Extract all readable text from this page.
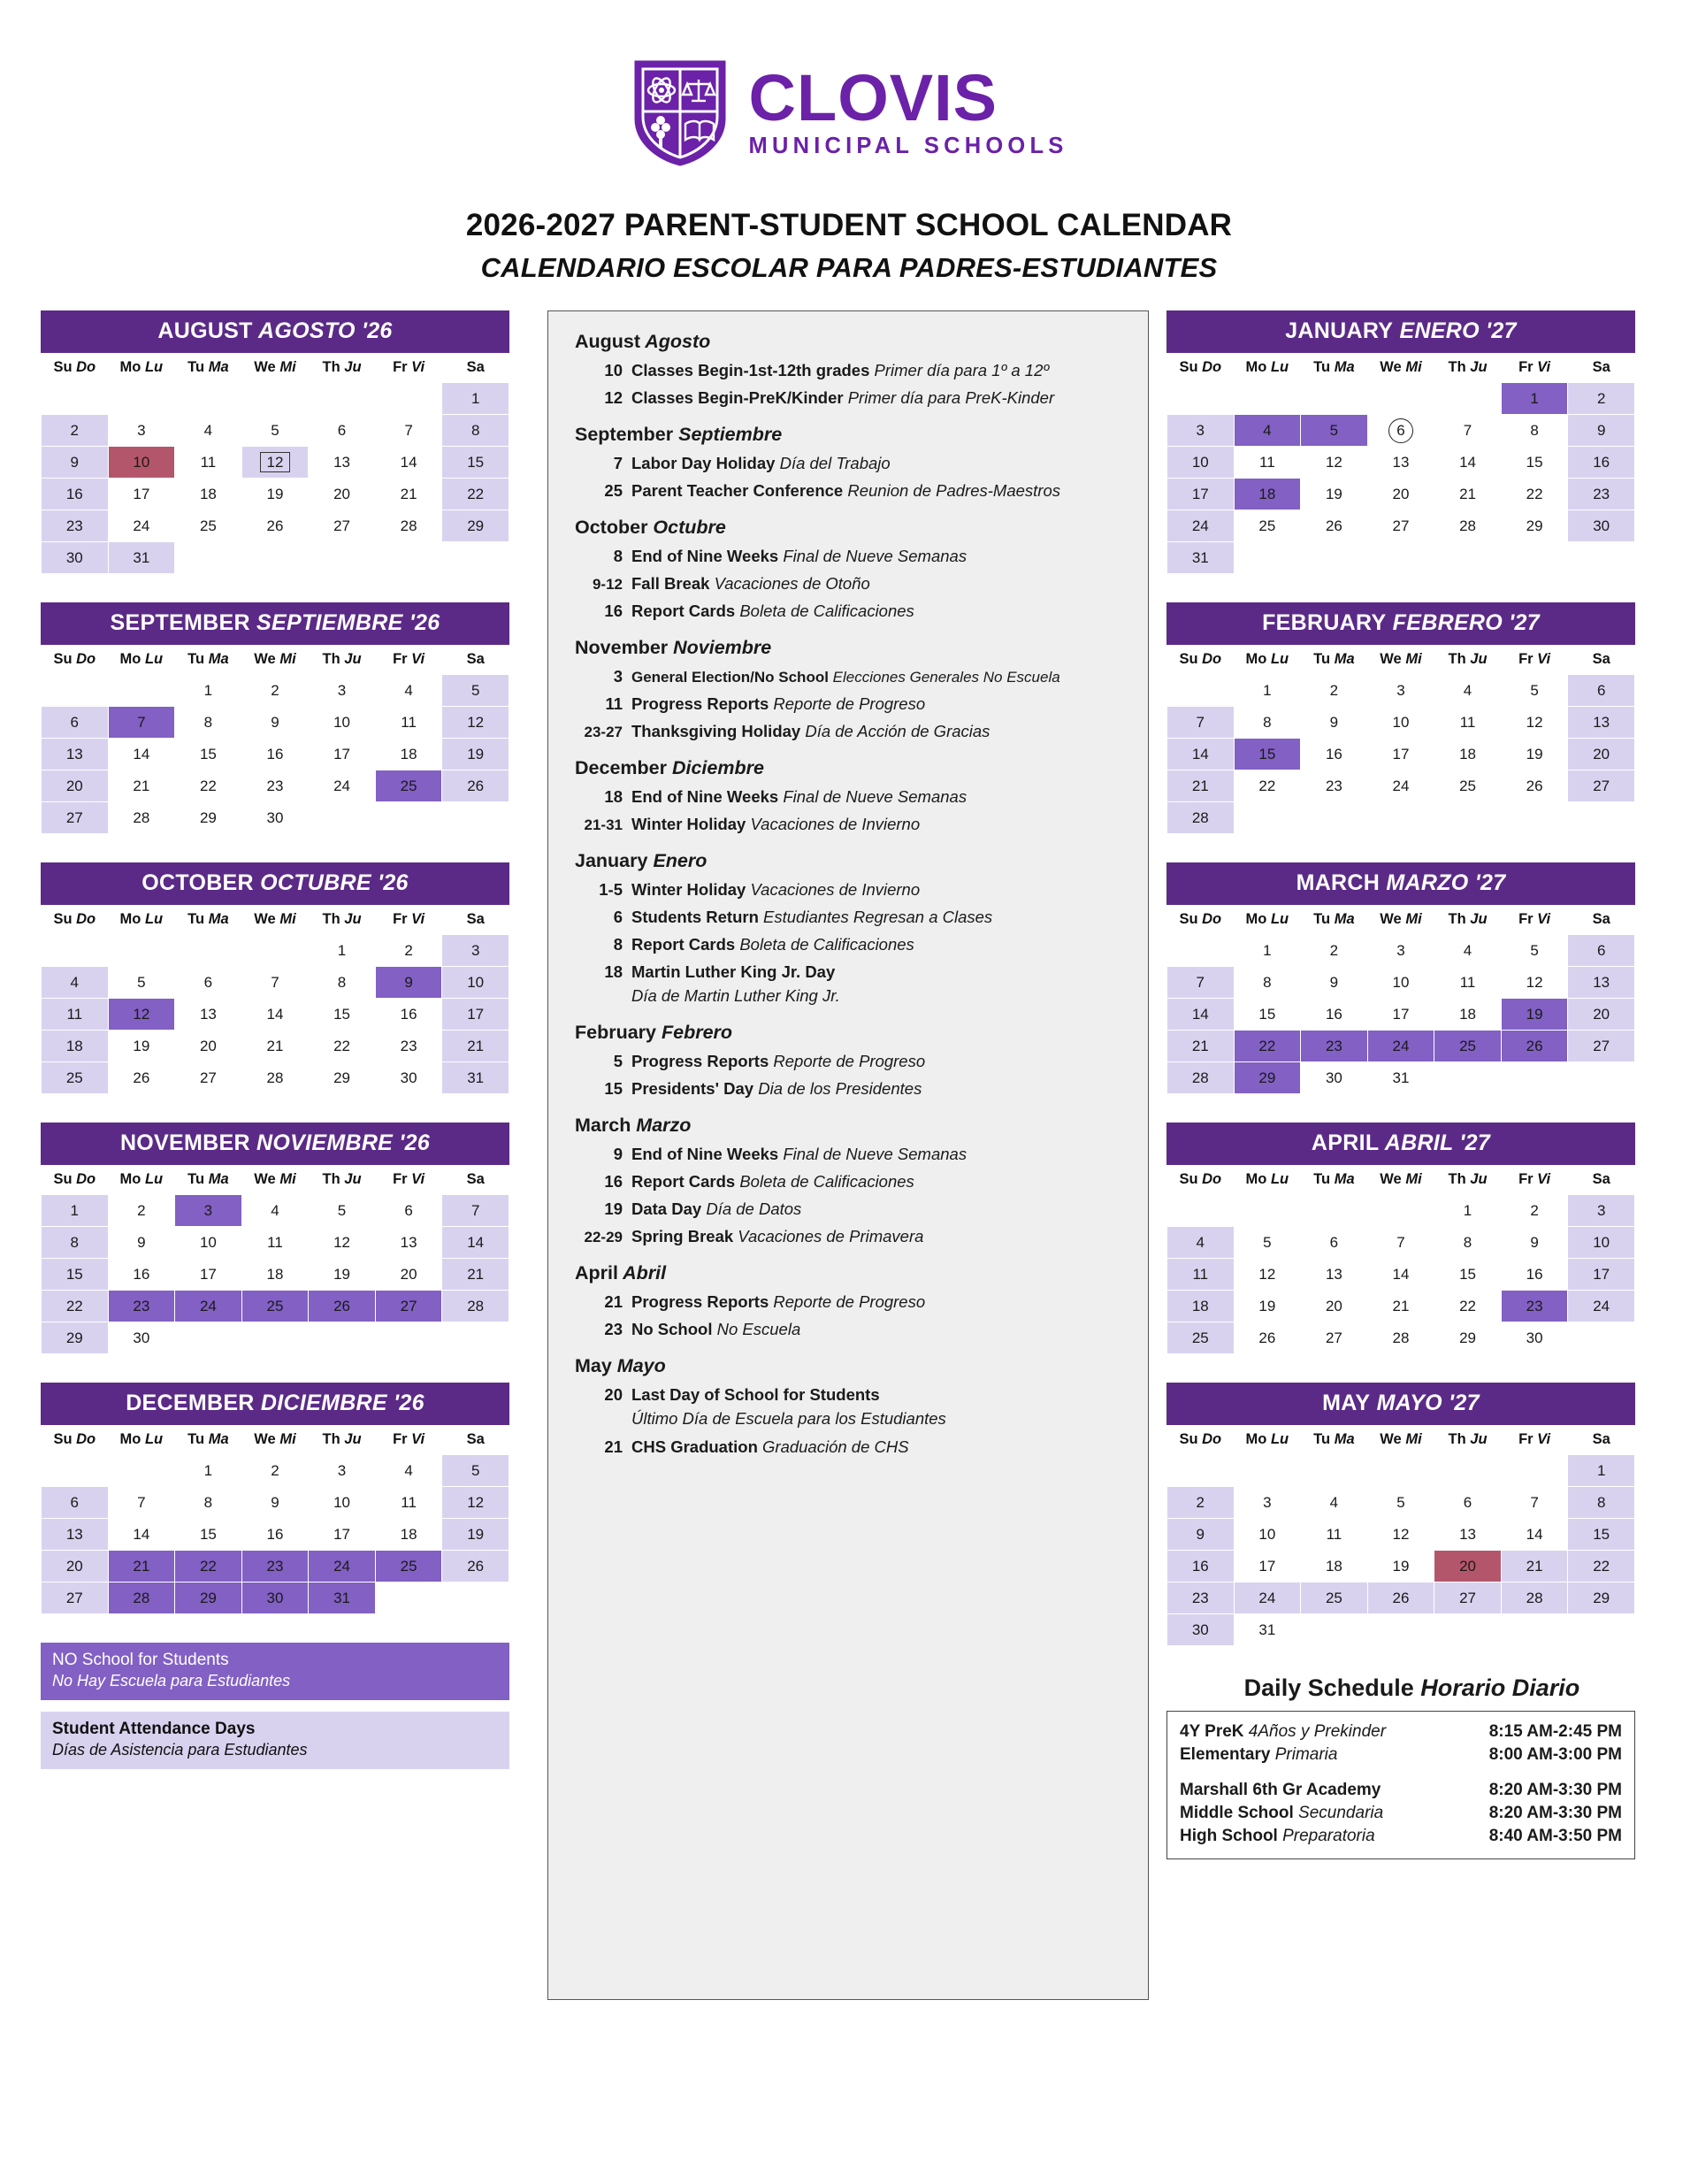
CLOVIS
MUNICIPAL SCHOOLS
2026-2027 PARENT-STUDENT SCHOOL CALENDAR
CALENDARIO ESCOLAR PARA PADRES-ESTUDIANTES
AUGUST AGOSTO '26
Su Do	Mo Lu	Tu Ma	We Mi	Th Ju	Fr Vi	Sa
						1
2	3	4	5	6	7	8
9	10	11	12	13	14	15
16	17	18	19	20	21	22
23	24	25	26	27	28	29
30	31					
SEPTEMBER SEPTIEMBRE '26
Su Do	Mo Lu	Tu Ma	We Mi	Th Ju	Fr Vi	Sa
		1	2	3	4	5
6	7	8	9	10	11	12
13	14	15	16	17	18	19
20	21	22	23	24	25	26
27	28	29	30			
OCTOBER OCTUBRE '26
Su Do	Mo Lu	Tu Ma	We Mi	Th Ju	Fr Vi	Sa
				1	2	3
4	5	6	7	8	9	10
11	12	13	14	15	16	17
18	19	20	21	22	23	21
25	26	27	28	29	30	31
NOVEMBER NOVIEMBRE '26
Su Do	Mo Lu	Tu Ma	We Mi	Th Ju	Fr Vi	Sa
1	2	3	4	5	6	7
8	9	10	11	12	13	14
15	16	17	18	19	20	21
22	23	24	25	26	27	28
29	30					
DECEMBER DICIEMBRE '26
Su Do	Mo Lu	Tu Ma	We Mi	Th Ju	Fr Vi	Sa
		1	2	3	4	5
6	7	8	9	10	11	12
13	14	15	16	17	18	19
20	21	22	23	24	25	26
27	28	29	30	31		
NO School for Students
No Hay Escuela para Estudiantes
Student Attendance Days
Días de Asistencia para Estudiantes
August Agosto
10 Classes Begin-1st-12th grades Primer día para 1º a 12º
12 Classes Begin-PreK/Kinder Primer día para PreK-Kinder
September Septiembre
7 Labor Day Holiday Día del Trabajo
25 Parent Teacher Conference Reunion de Padres-Maestros
October Octubre
8 End of Nine Weeks Final de Nueve Semanas
9-12 Fall Break Vacaciones de Otoño
16 Report Cards Boleta de Calificaciones
November Noviembre
3 General Election/No School Elecciones Generales No Escuela
11 Progress Reports Reporte de Progreso
23-27 Thanksgiving Holiday Día de Acción de Gracias
December Diciembre
18 End of Nine Weeks Final de Nueve Semanas
21-31 Winter Holiday Vacaciones de Invierno
January Enero
1-5 Winter Holiday Vacaciones de Invierno
6 Students Return Estudiantes Regresan a Clases
8 Report Cards Boleta de Calificaciones
18 Martin Luther King Jr. Day
Día de Martin Luther King Jr.
February Febrero
5 Progress Reports Reporte de Progreso
15 Presidents' Day Dia de los Presidentes
March Marzo
9 End of Nine Weeks Final de Nueve Semanas
16 Report Cards Boleta de Calificaciones
19 Data Day Día de Datos
22-29 Spring Break Vacaciones de Primavera
April Abril
21 Progress Reports Reporte de Progreso
23 No School No Escuela
May Mayo
20 Last Day of School for Students
Último Día de Escuela para los Estudiantes
21 CHS Graduation Graduación de CHS
JANUARY ENERO '27
Su Do	Mo Lu	Tu Ma	We Mi	Th Ju	Fr Vi	Sa
					1	2
3	4	5	6	7	8	9
10	11	12	13	14	15	16
17	18	19	20	21	22	23
24	25	26	27	28	29	30
31						
FEBRUARY FEBRERO '27
Su Do	Mo Lu	Tu Ma	We Mi	Th Ju	Fr Vi	Sa
	1	2	3	4	5	6
7	8	9	10	11	12	13
14	15	16	17	18	19	20
21	22	23	24	25	26	27
28						
MARCH MARZO '27
Su Do	Mo Lu	Tu Ma	We Mi	Th Ju	Fr Vi	Sa
	1	2	3	4	5	6
7	8	9	10	11	12	13
14	15	16	17	18	19	20
21	22	23	24	25	26	27
28	29	30	31			
APRIL ABRIL '27
Su Do	Mo Lu	Tu Ma	We Mi	Th Ju	Fr Vi	Sa
				1	2	3
4	5	6	7	8	9	10
11	12	13	14	15	16	17
18	19	20	21	22	23	24
25	26	27	28	29	30	
MAY MAYO '27
Su Do	Mo Lu	Tu Ma	We Mi	Th Ju	Fr Vi	Sa
						1
2	3	4	5	6	7	8
9	10	11	12	13	14	15
16	17	18	19	20	21	22
23	24	25	26	27	28	29
30	31					
Daily Schedule Horario Diario
4Y PreK 4Años y Prekinder	8:15 AM-2:45 PM
Elementary Primaria	8:00 AM-3:00 PM
Marshall 6th Gr Academy	8:20 AM-3:30 PM
Middle School Secundaria	8:20 AM-3:30 PM
High School Preparatoria	8:40 AM-3:50 PM
